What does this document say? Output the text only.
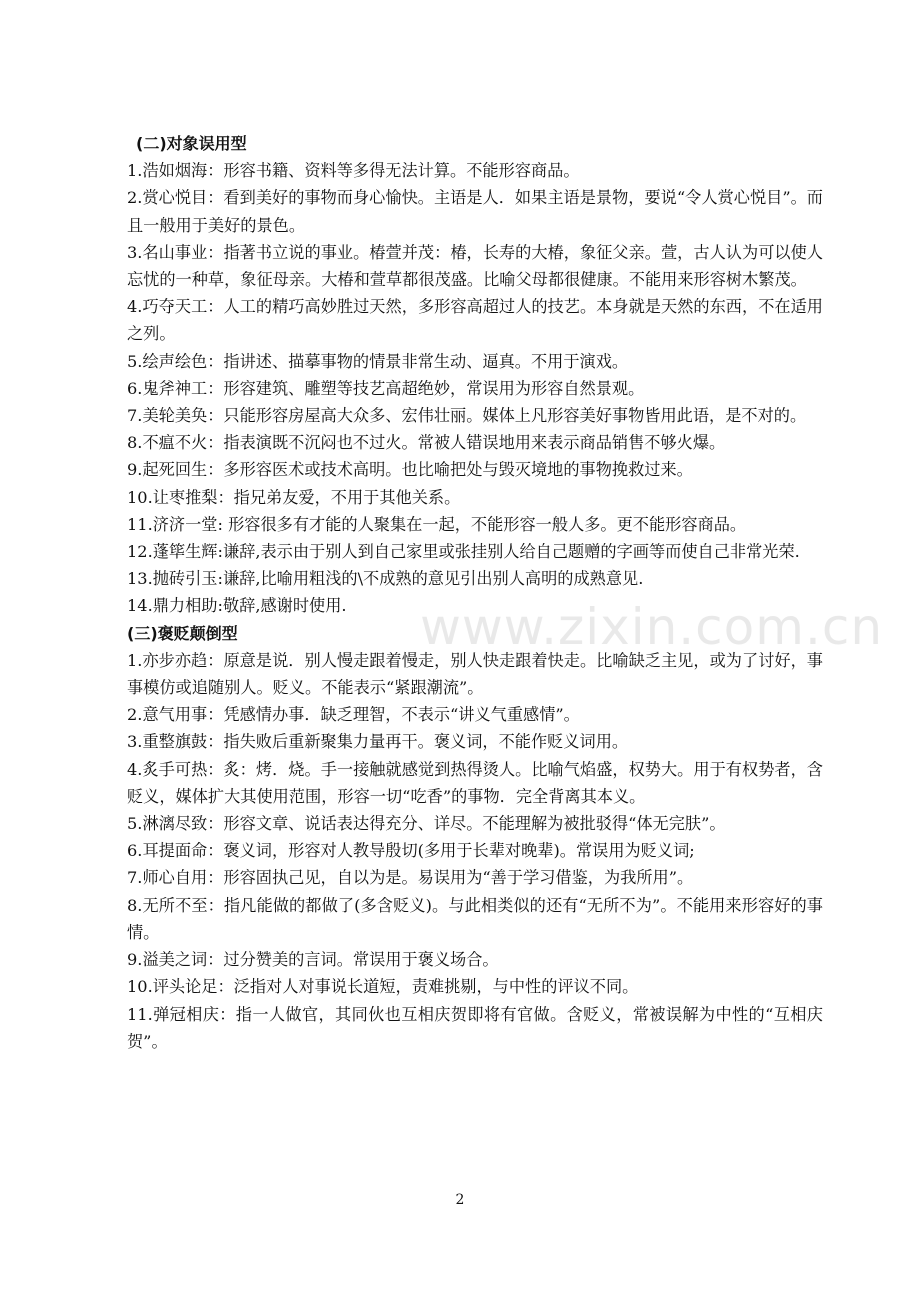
(二)对象误用型
1.浩如烟海：形容书籍、资料等多得无法计算。不能形容商品。
2.赏心悦目：看到美好的事物而身心愉快。主语是人．如果主语是景物，要说“令人赏心悦目”。而且一般用于美好的景色。
3.名山事业：指著书立说的事业。椿萱并茂：椿，长寿的大椿，象征父亲。萱，古人认为可以使人忘忧的一种草，象征母亲。大椿和萱草都很茂盛。比喻父母都很健康。不能用来形容树木繁茂。
4.巧夺天工：人工的精巧高妙胜过天然，多形容高超过人的技艺。本身就是天然的东西，不在适用之列。
5.绘声绘色：指讲述、描摹事物的情景非常生动、逼真。不用于演戏。
6.鬼斧神工：形容建筑、雕塑等技艺高超绝妙，常误用为形容自然景观。
7.美轮美奂：只能形容房屋高大众多、宏伟壮丽。媒体上凡形容美好事物皆用此语，是不对的。
8.不瘟不火：指表演既不沉闷也不过火。常被人错误地用来表示商品销售不够火爆。
9.起死回生：多形容医术或技术高明。也比喻把处与毁灭境地的事物挽救过来。
10.让枣推梨：指兄弟友爱，不用于其他关系。
11.济济一堂: 形容很多有才能的人聚集在一起，不能形容一般人多。更不能形容商品。
12.蓬筚生辉:谦辞,表示由于别人到自己家里或张挂别人给自己题赠的字画等而使自己非常光荣.
13.抛砖引玉:谦辞,比喻用粗浅的\不成熟的意见引出别人高明的成熟意见.
14.鼎力相助:敬辞,感谢时使用.
(三)褒贬颠倒型
1.亦步亦趋：原意是说．别人慢走跟着慢走，别人快走跟着快走。比喻缺乏主见，或为了讨好，事事模仿或追随别人。贬义。不能表示“紧跟潮流”。
2.意气用事：凭感情办事．缺乏理智，不表示“讲义气重感情”。
3.重整旗鼓：指失败后重新聚集力量再干。褒义词，不能作贬义词用。
4.炙手可热：炙：烤．烧。手一接触就感觉到热得烫人。比喻气焰盛，权势大。用于有权势者，含贬义，媒体扩大其使用范围，形容一切“吃香”的事物．完全背离其本义。
5.淋漓尽致：形容文章、说话表达得充分、详尽。不能理解为被批驳得“体无完肤”。
6.耳提面命：褒义词，形容对人教导殷切(多用于长辈对晚辈)。常误用为贬义词;
7.师心自用：形容固执己见，自以为是。易误用为“善于学习借鉴，为我所用”。
8.无所不至：指凡能做的都做了(多含贬义)。与此相类似的还有“无所不为”。不能用来形容好的事情。
9.溢美之词：过分赞美的言词。常误用于褒义场合。
10.评头论足：泛指对人对事说长道短，责难挑剔，与中性的评议不同。
11.弹冠相庆：指一人做官，其同伙也互相庆贺即将有官做。含贬义，常被误解为中性的“互相庆贺”。
www.zixin.com.cn
2
